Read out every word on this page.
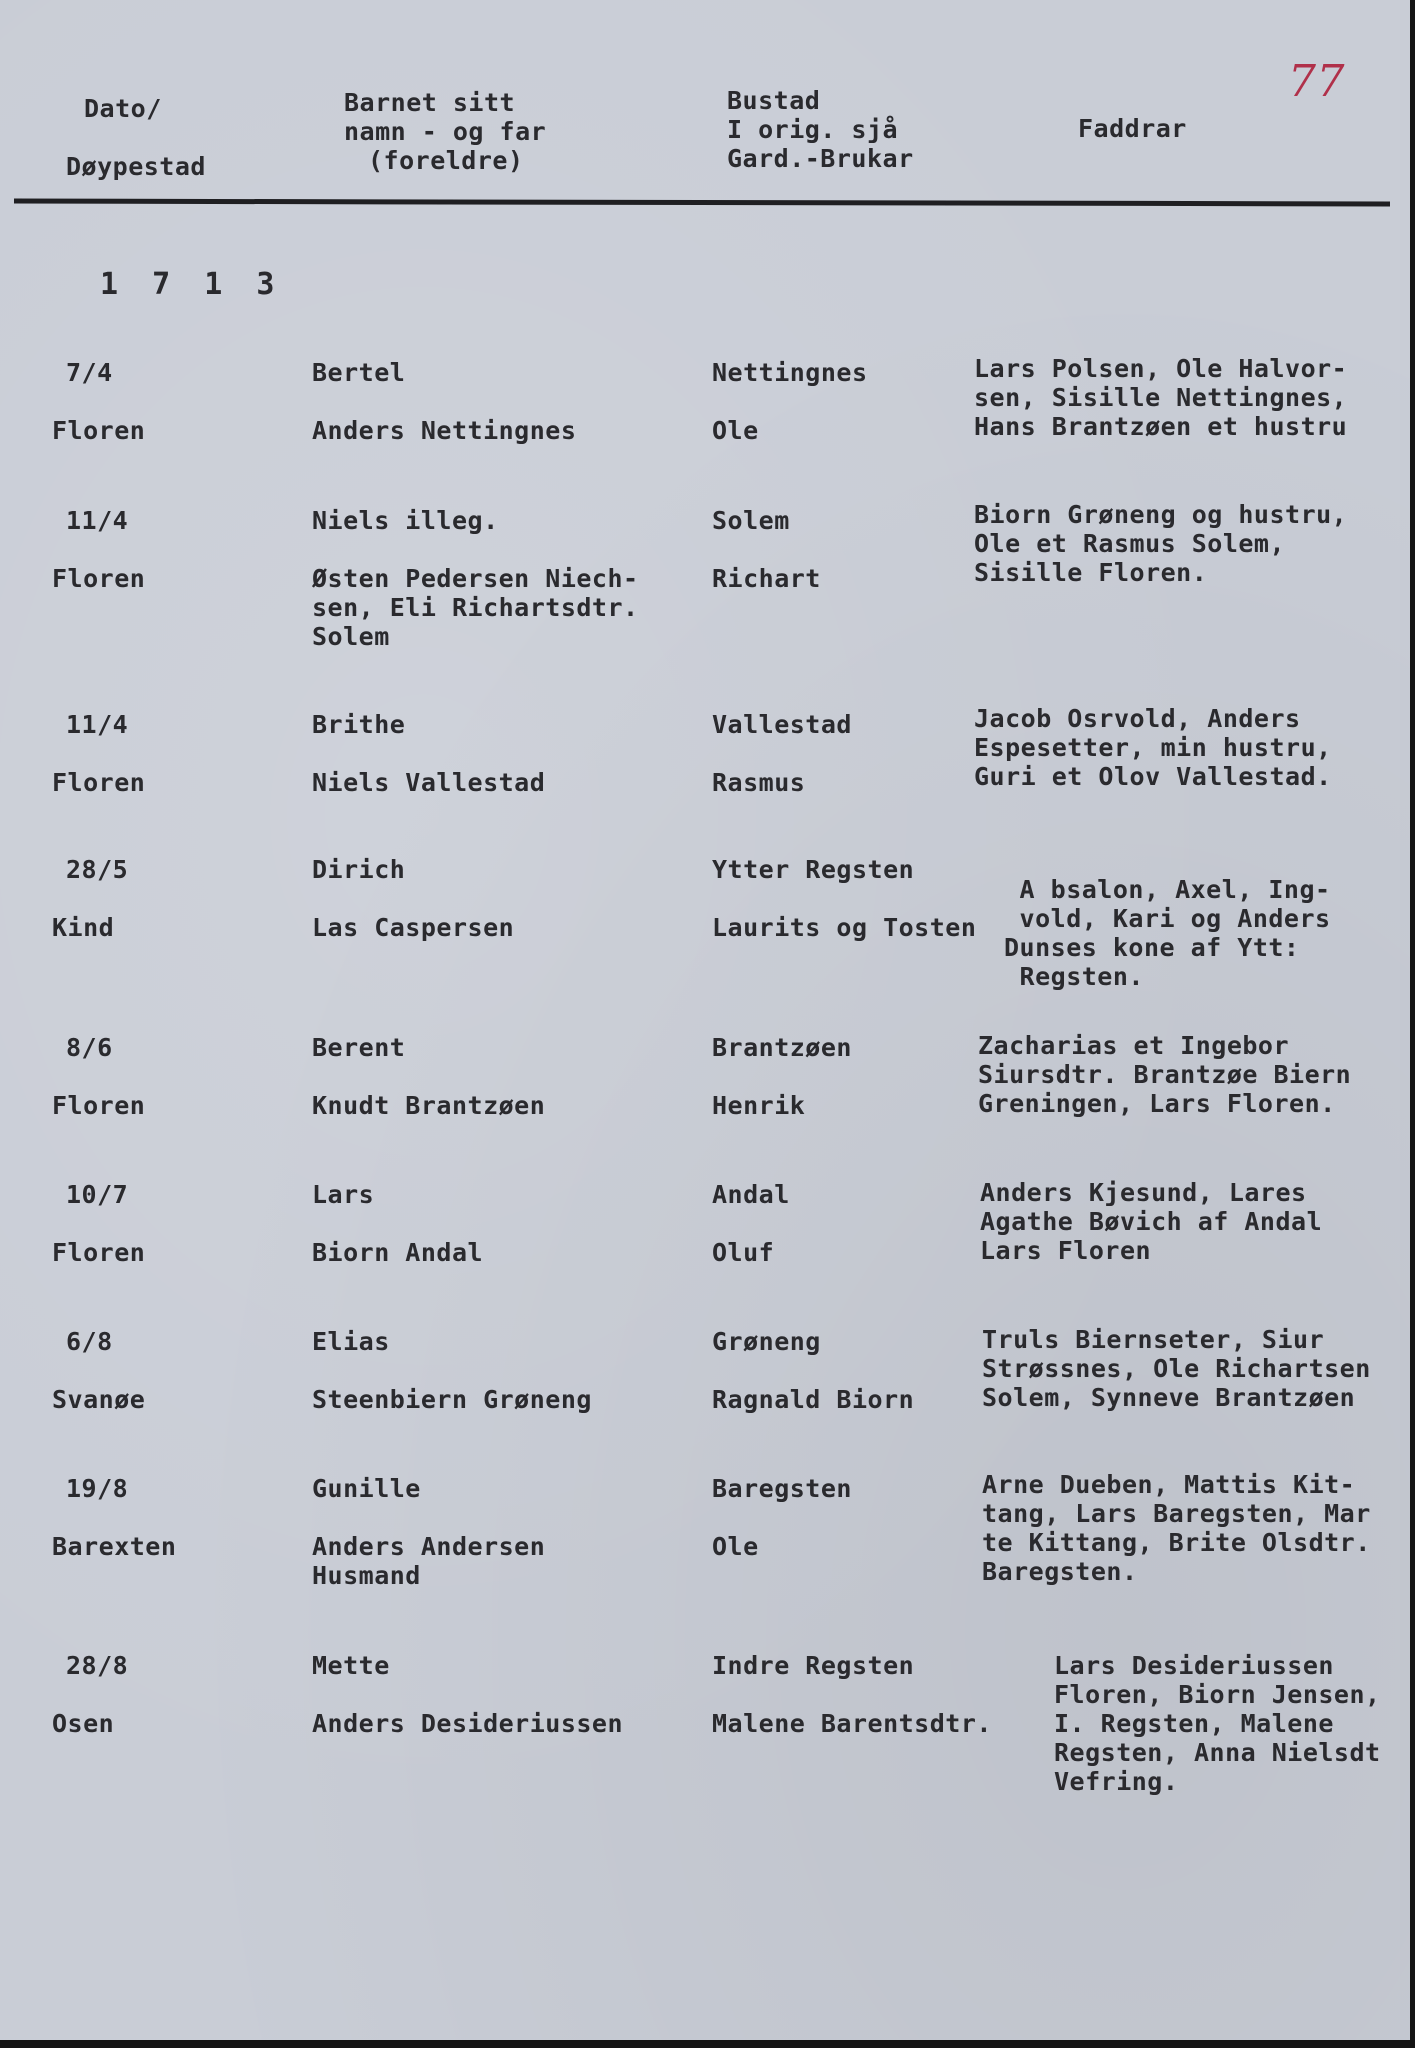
77
Dato/
Døypestad
Barnet sitt
namn - og far
(foreldre)
Bustad
I orig. sjå
Gard.-Brukar
Faddrar
1 7 1 3
7/4
Floren
Bertel
Anders Nettingnes
Nettingnes
Ole
Lars Polsen, Ole Halvor-
sen, Sisille Nettingnes,
Hans Brantzøen et hustru
11/4
Floren
Niels illeg.
Østen Pedersen Niech-
sen, Eli Richartsdtr.
Solem
Solem
Richart
Biorn Grøneng og hustru,
Ole et Rasmus Solem,
Sisille Floren.
11/4
Floren
Brithe
Niels Vallestad
Vallestad
Rasmus
Jacob Osrvold, Anders
Espesetter, min hustru,
Guri et Olov Vallestad.
28/5
Kind
Dirich
Las Caspersen
Ytter Regsten
Laurits og Tosten
A bsalon, Axel, Ing-
vold, Kari og Anders
Dunses kone af Ytt:
Regsten.
8/6
Floren
Berent
Knudt Brantzøen
Brantzøen
Henrik
Zacharias et Ingebor
Siursdtr. Brantzøe Biern
Greningen, Lars Floren.
10/7
Floren
Lars
Biorn Andal
Andal
Oluf
Anders Kjesund, Lares
Agathe Bøvich af Andal
Lars Floren
6/8
Svanøe
Elias
Steenbiern Grøneng
Grøneng
Ragnald Biorn
Truls Biernseter, Siur
Strøssnes, Ole Richartsen
Solem, Synneve Brantzøen
19/8
Barexten
Gunille
Anders Andersen
Husmand
Baregsten
Ole
Arne Dueben, Mattis Kit-
tang, Lars Baregsten, Mar
te Kittang, Brite Olsdtr.
Baregsten.
28/8
Osen
Mette
Anders Desideriussen
Indre Regsten
Malene Barentsdtr.
Lars Desideriussen
Floren, Biorn Jensen,
I. Regsten, Malene
Regsten, Anna Nielsdt
Vefring.
